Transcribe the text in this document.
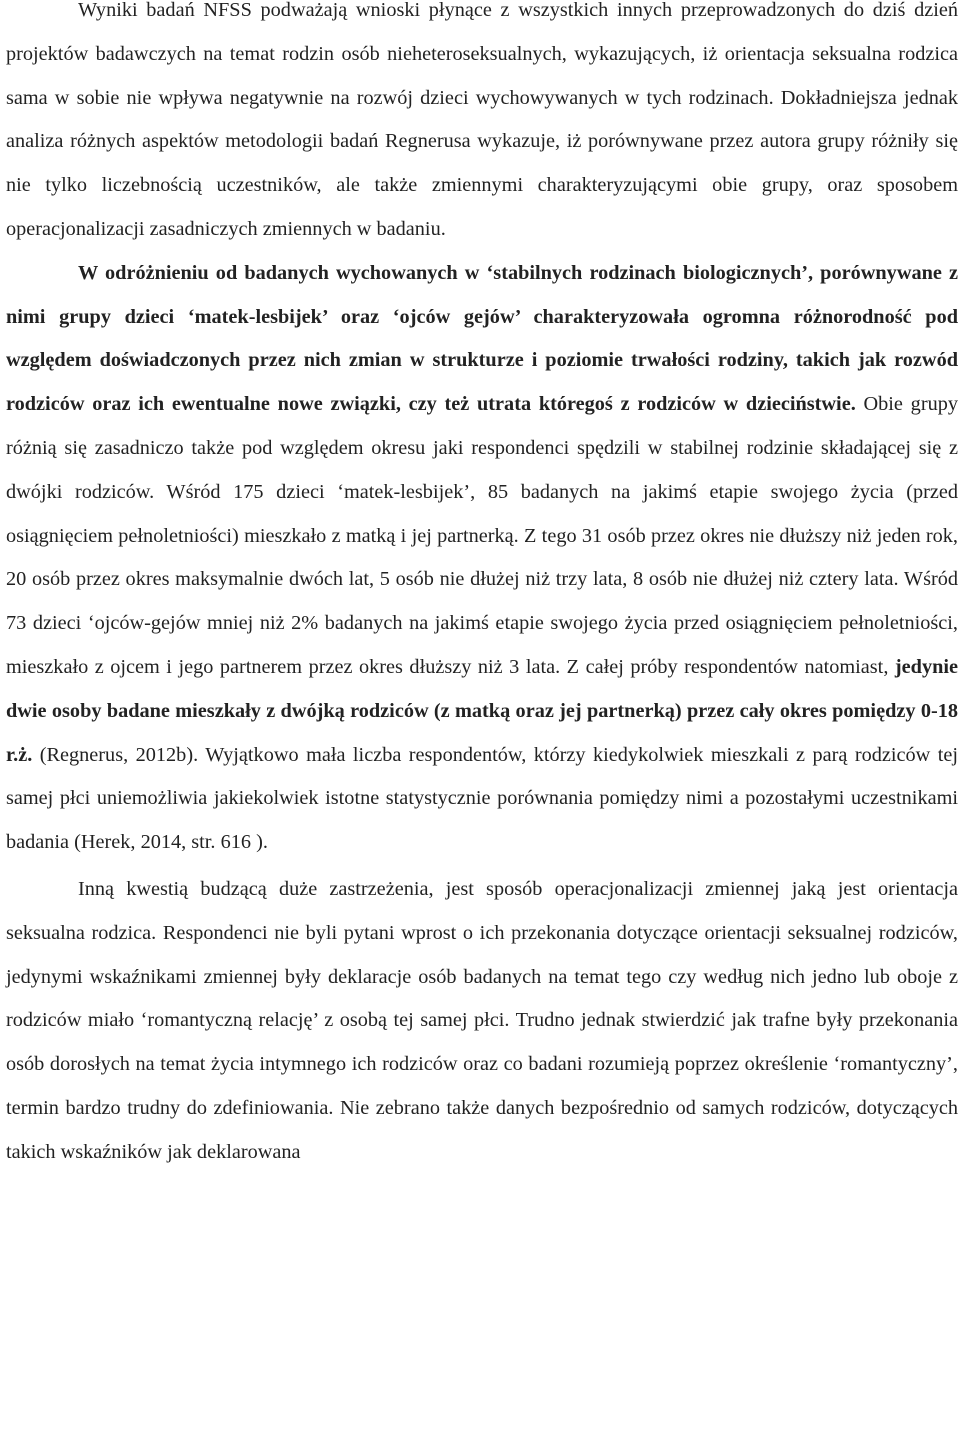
Wyniki badań NFSS podważają wnioski płynące z wszystkich innych przeprowadzonych do dziś dzień projektów badawczych na temat rodzin osób nieheteroseksualnych, wykazujących, iż orientacja seksualna rodzica sama w sobie nie wpływa negatywnie na rozwój dzieci wychowywanych w tych rodzinach. Dokładniejsza jednak analiza różnych aspektów metodologii badań Regnerusa wykazuje, iż porównywane przez autora grupy różniły się nie tylko liczebnością uczestników, ale także zmiennymi charakteryzującymi obie grupy, oraz sposobem operacjonalizacji zasadniczych zmiennych w badaniu.

W odróżnieniu od badanych wychowanych w ‘stabilnych rodzinach biologicznych’, porównywane z nimi grupy dzieci ‘matek-lesbijek’ oraz ‘ojców gejów’ charakteryzowała ogromna różnorodność pod względem doświadczonych przez nich zmian w strukturze i poziomie trwałości rodziny, takich jak rozwód rodziców oraz ich ewentualne nowe związki, czy też utrata któregoś z rodziców w dzieciństwie. Obie grupy różnią się zasadniczo także pod względem okresu jaki respondenci spędzili w stabilnej rodzinie składającej się z dwójki rodziców. Wśród 175 dzieci ‘matek-lesbijek’, 85 badanych na jakimś etapie swojego życia (przed osiągnięciem pełnoletniości) mieszkało z matką i jej partnerką. Z tego 31 osób przez okres nie dłuższy niż jeden rok, 20 osób przez okres maksymalnie dwóch lat, 5 osób nie dłużej niż trzy lata, 8 osób nie dłużej niż cztery lata. Wśród 73 dzieci ‘ojców-gejów mniej niż 2% badanych na jakimś etapie swojego życia przed osiągnięciem pełnoletniości, mieszkało z ojcem i jego partnerem przez okres dłuższy niż 3 lata. Z całej próby respondentów natomiast, jedynie dwie osoby badane mieszkały z dwójką rodziców (z matką oraz jej partnerką) przez cały okres pomiędzy 0-18 r.ż. (Regnerus, 2012b). Wyjątkowo mała liczba respondentów, którzy kiedykolwiek mieszkali z parą rodziców tej samej płci uniemożliwia jakiekolwiek istotne statystycznie porównania pomiędzy nimi a pozostałymi uczestnikami badania (Herek, 2014, str. 616 ).

Inną kwestią budzącą duże zastrzeżenia, jest sposób operacjonalizacji zmiennej jaką jest orientacja seksualna rodzica. Respondenci nie byli pytani wprost o ich przekonania dotyczące orientacji seksualnej rodziców, jedynymi wskaźnikami zmiennej były deklaracje osób badanych na temat tego czy według nich jedno lub oboje z rodziców miało ‘romantyczną relację’ z osobą tej samej płci. Trudno jednak stwierdzić jak trafne były przekonania osób dorosłych na temat życia intymnego ich rodziców oraz co badani rozumieją poprzez określenie ‘romantyczny’, termin bardzo trudny do zdefiniowania. Nie zebrano także danych bezpośrednio od samych rodziców, dotyczących takich wskaźników jak deklarowana
